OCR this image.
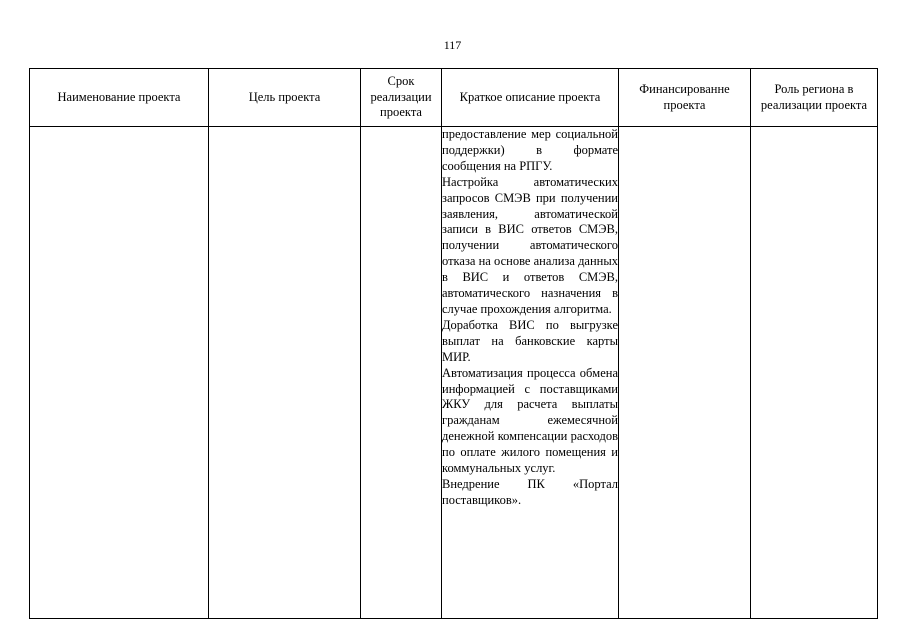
117
Наименование проекта	Цель проекта	Срок реализации проекта	Краткое описание проекта	Финансированне проекта	Роль региона в реализации проекта

			предоставление мер социальной поддержки) в формате сообщения на РПГУ.

Настройка автоматических запросов СМЭВ при получении заявления, автоматической записи в ВИС ответов СМЭВ, получении автоматического отказа на основе анализа данных в ВИС и ответов СМЭВ, автоматического назначения в случае прохождения алгоритма.

Доработка ВИС по выгрузке выплат на банковские карты МИР.

Автоматизация процесса обмена информацией с поставщиками ЖКУ для расчета выплаты гражданам ежемесячной денежной компенсации расходов по оплате жилого помещения и коммунальных услуг.

Внедрение ПК «Портал поставщиков».		
